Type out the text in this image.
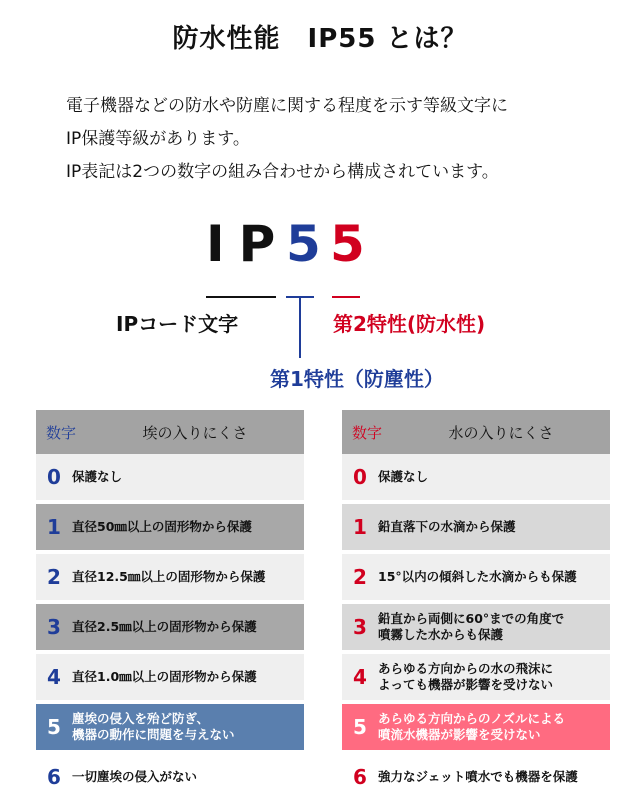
防水性能　IP55 とは？
電子機器などの防水や防塵に関する程度を示す等級文字に
IP保護等級があります。
IP表記は2つの数字の組み合わせから構成されています。
IP
5 5
IPコード文字	第2特性(防水性)
第1特性（防塵性）
数字	埃の入りにくさ
0 保護なし
1 直径50㎜以上の固形物から保護
2 直径12.5㎜以上の固形物から保護
3 直径2.5㎜以上の固形物から保護
4 直径1.0㎜以上の固形物から保護
5 塵埃の侵入を殆ど防ぎ、
機器の動作に問題を与えない
6 一切塵埃の侵入がない
数字	水の入りにくさ
0 保護なし
1 鉛直落下の水滴から保護
2 15°以内の傾斜した水滴からも保護
3 鉛直から両側に60°までの角度で
噴霧した水からも保護
4 あらゆる方向からの水の飛沫に
よっても機器が影響を受けない
5 あらゆる方向からのノズルによる
噴流水機器が影響を受けない
6 強力なジェット噴水でも機器を保護
